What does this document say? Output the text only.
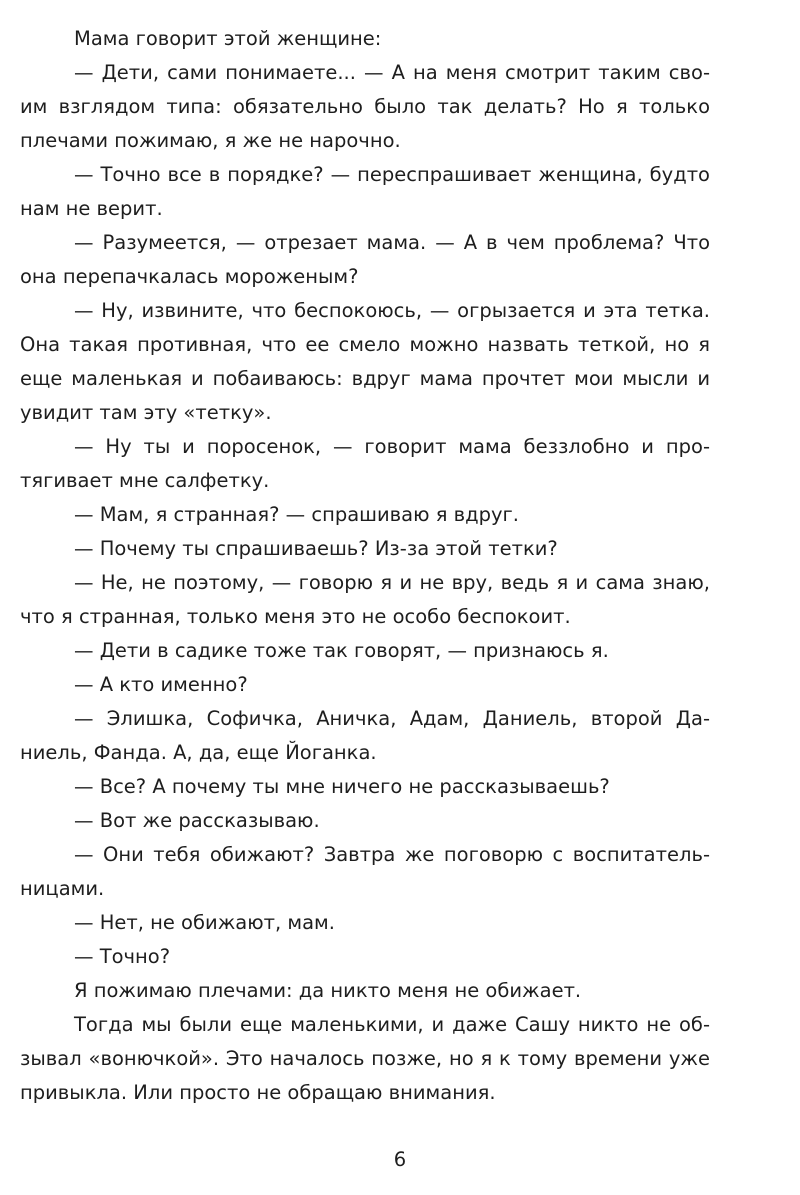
Мама говорит этой женщине:

— Дети, сами понимаете... — А на меня смотрит таким своим взглядом типа: обязательно было так делать? Но я только плечами пожимаю, я же не нарочно.

— Точно все в порядке? — переспрашивает женщина, будто нам не верит.

— Разумеется, — отрезает мама. — А в чем проблема? Что она перепачкалась мороженым?

— Ну, извините, что беспокоюсь, — огрызается и эта тетка. Она такая противная, что ее смело можно назвать теткой, но я еще маленькая и побаиваюсь: вдруг мама прочтет мои мысли и увидит там эту «тетку».

— Ну ты и поросенок, — говорит мама беззлобно и протягивает мне салфетку.

— Мам, я странная? — спрашиваю я вдруг.

— Почему ты спрашиваешь? Из-за этой тетки?

— Не, не поэтому, — говорю я и не вру, ведь я и сама знаю, что я странная, только меня это не особо беспокоит.

— Дети в садике тоже так говорят, — признаюсь я.

— А кто именно?

— Элишка, Софичка, Аничка, Адам, Даниель, второй Даниель, Фанда. А, да, еще Йоганка.

— Все? А почему ты мне ничего не рассказываешь?

— Вот же рассказываю.

— Они тебя обижают? Завтра же поговорю с воспитательницами.

— Нет, не обижают, мам.

— Точно?

Я пожимаю плечами: да никто меня не обижает.

Тогда мы были еще маленькими, и даже Сашу никто не обзывал «вонючкой». Это началось позже, но я к тому времени уже привыкла. Или просто не обращаю внимания.

6
